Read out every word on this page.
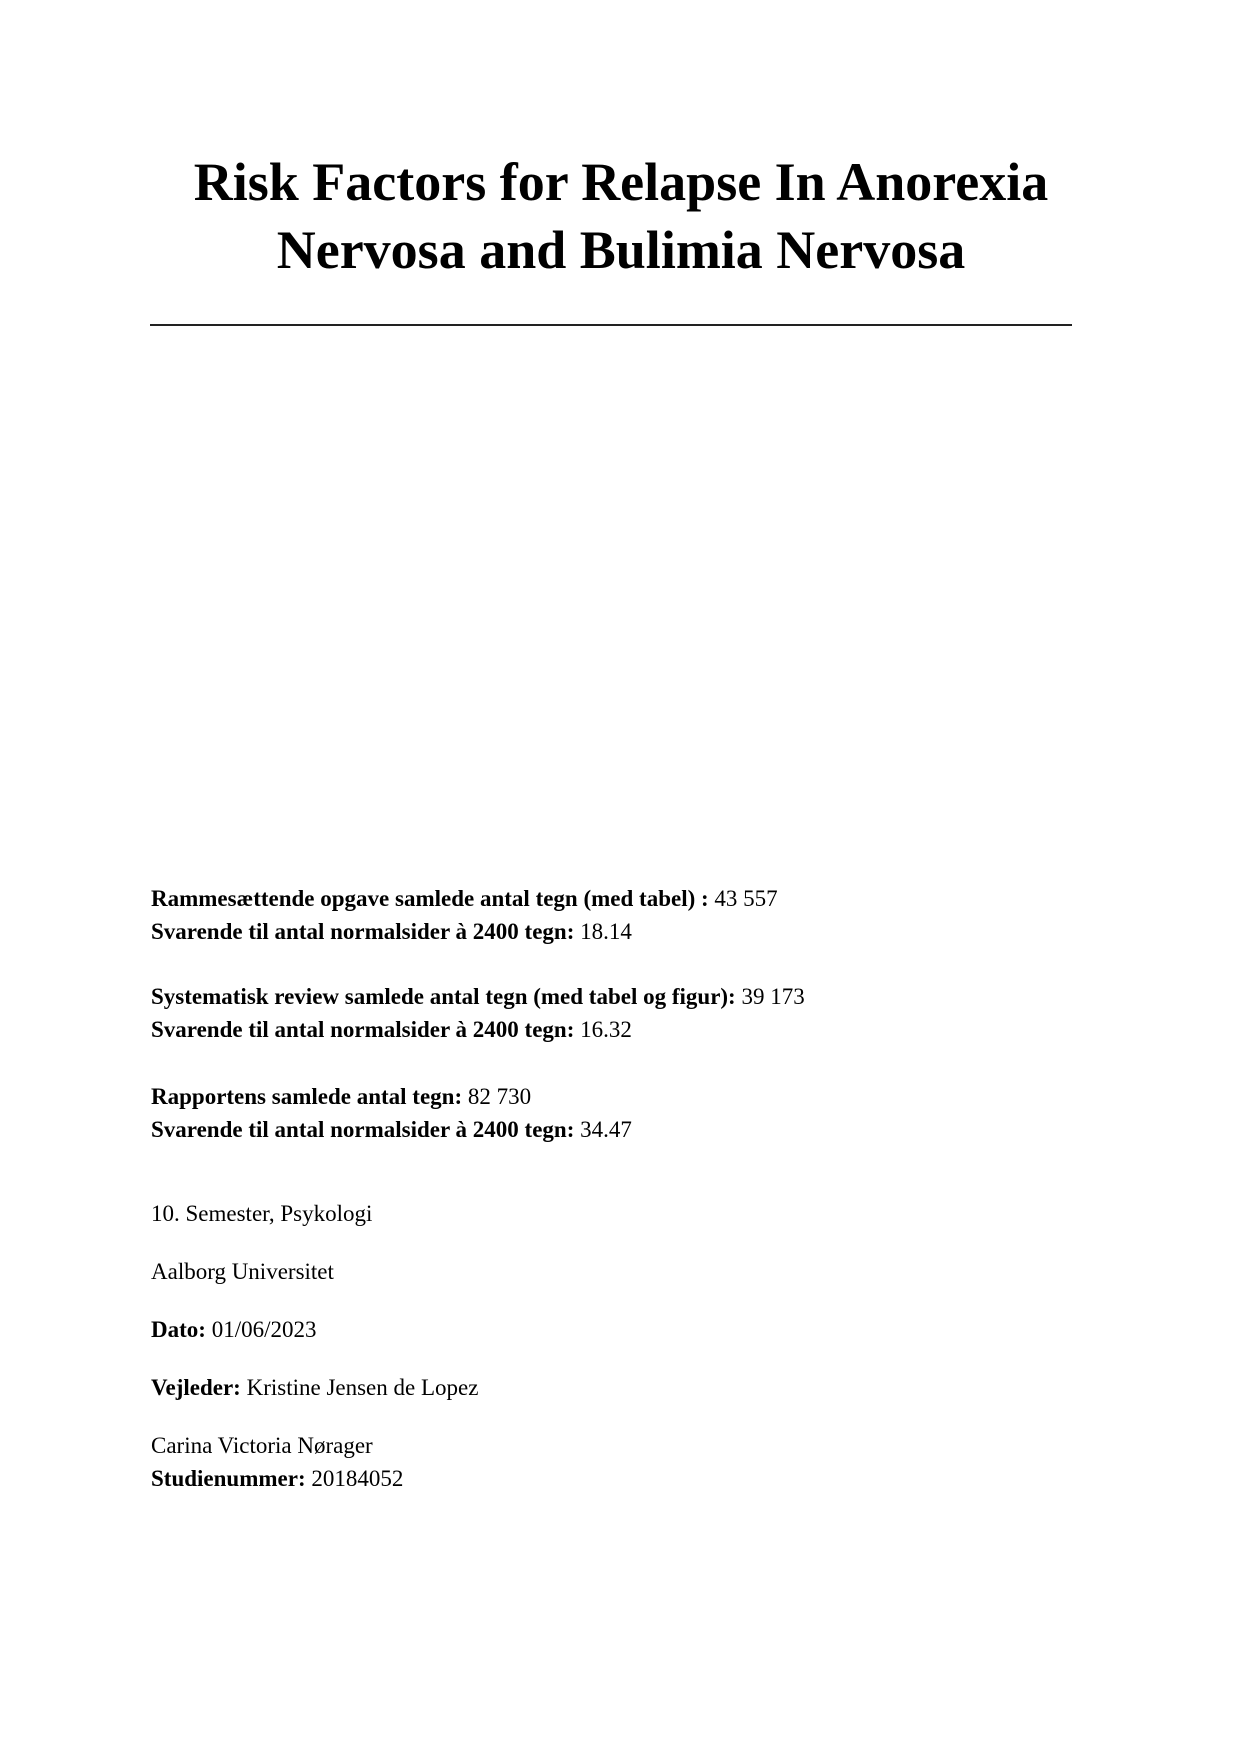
Risk Factors for Relapse In Anorexia
Nervosa and Bulimia Nervosa
Rammesættende opgave samlede antal tegn (med tabel) : 43 557
Svarende til antal normalsider à 2400 tegn: 18.14
Systematisk review samlede antal tegn (med tabel og figur): 39 173
Svarende til antal normalsider à 2400 tegn: 16.32
Rapportens samlede antal tegn: 82 730
Svarende til antal normalsider à 2400 tegn: 34.47
10. Semester, Psykologi
Aalborg Universitet
Dato: 01/06/2023
Vejleder: Kristine Jensen de Lopez
Carina Victoria Nørager
Studienummer: 20184052
